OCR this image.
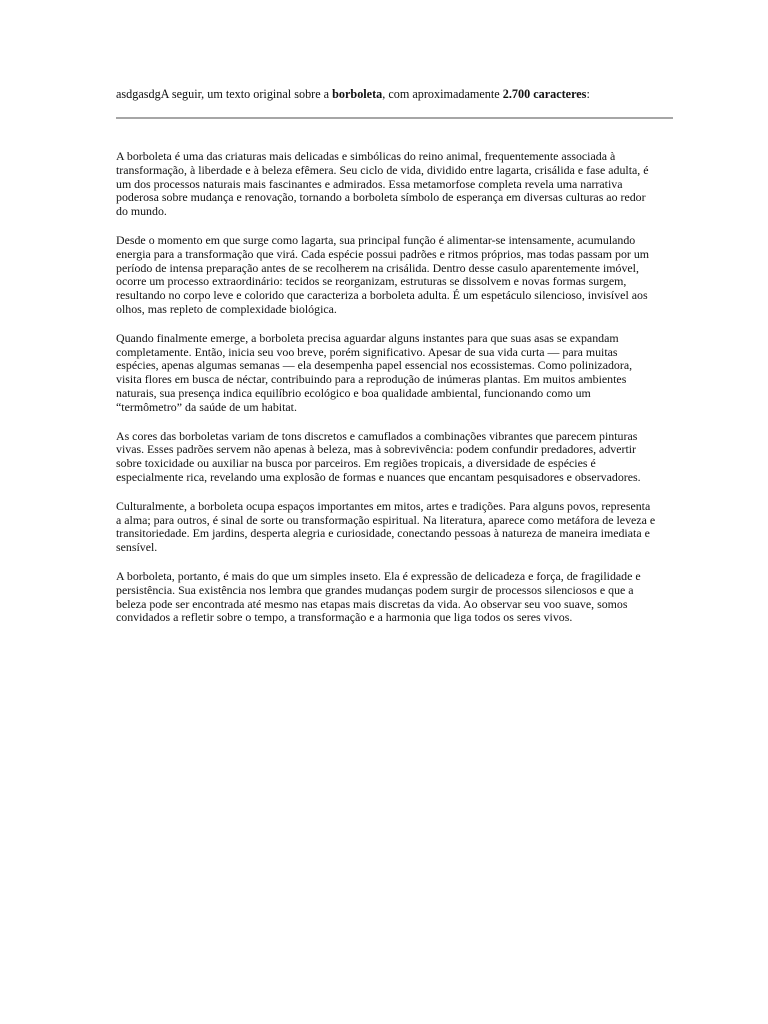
asdgasdgA seguir, um texto original sobre a borboleta, com aproximadamente 2.700 caracteres:

A borboleta é uma das criaturas mais delicadas e simbólicas do reino animal, frequentemente associada à transformação, à liberdade e à beleza efêmera. Seu ciclo de vida, dividido entre lagarta, crisálida e fase adulta, é um dos processos naturais mais fascinantes e admirados. Essa metamorfose completa revela uma narrativa poderosa sobre mudança e renovação, tornando a borboleta símbolo de esperança em diversas culturas ao redor do mundo.

Desde o momento em que surge como lagarta, sua principal função é alimentar-se intensamente, acumulando energia para a transformação que virá. Cada espécie possui padrões e ritmos próprios, mas todas passam por um período de intensa preparação antes de se recolherem na crisálida. Dentro desse casulo aparentemente imóvel, ocorre um processo extraordinário: tecidos se reorganizam, estruturas se dissolvem e novas formas surgem, resultando no corpo leve e colorido que caracteriza a borboleta adulta. É um espetáculo silencioso, invisível aos olhos, mas repleto de complexidade biológica.

Quando finalmente emerge, a borboleta precisa aguardar alguns instantes para que suas asas se expandam completamente. Então, inicia seu voo breve, porém significativo. Apesar de sua vida curta — para muitas espécies, apenas algumas semanas — ela desempenha papel essencial nos ecossistemas. Como polinizadora, visita flores em busca de néctar, contribuindo para a reprodução de inúmeras plantas. Em muitos ambientes naturais, sua presença indica equilíbrio ecológico e boa qualidade ambiental, funcionando como um “termômetro” da saúde de um habitat.

As cores das borboletas variam de tons discretos e camuflados a combinações vibrantes que parecem pinturas vivas. Esses padrões servem não apenas à beleza, mas à sobrevivência: podem confundir predadores, advertir sobre toxicidade ou auxiliar na busca por parceiros. Em regiões tropicais, a diversidade de espécies é especialmente rica, revelando uma explosão de formas e nuances que encantam pesquisadores e observadores.

Culturalmente, a borboleta ocupa espaços importantes em mitos, artes e tradições. Para alguns povos, representa a alma; para outros, é sinal de sorte ou transformação espiritual. Na literatura, aparece como metáfora de leveza e transitoriedade. Em jardins, desperta alegria e curiosidade, conectando pessoas à natureza de maneira imediata e sensível.

A borboleta, portanto, é mais do que um simples inseto. Ela é expressão de delicadeza e força, de fragilidade e persistência. Sua existência nos lembra que grandes mudanças podem surgir de processos silenciosos e que a beleza pode ser encontrada até mesmo nas etapas mais discretas da vida. Ao observar seu voo suave, somos convidados a refletir sobre o tempo, a transformação e a harmonia que liga todos os seres vivos.
